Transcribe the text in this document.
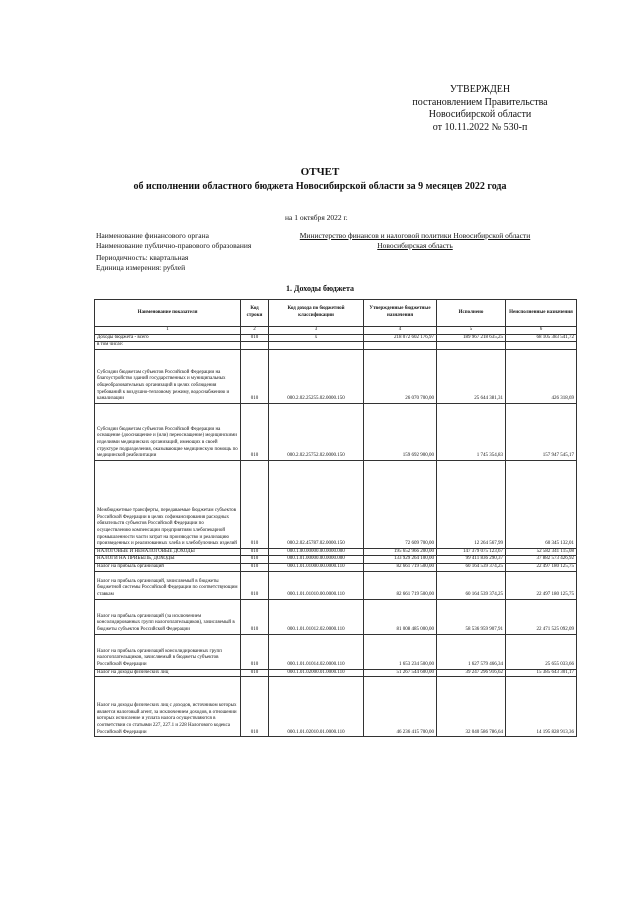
УТВЕРЖДЕН
постановлением Правительства
Новосибирской области
от 10.11.2022 № 530-п
ОТЧЕТ
об исполнении областного бюджета Новосибирской области за 9 месяцев 2022 года
на 1 октября 2022 г.
Наименование финансового органа	Министерство финансов и налоговой политики Новосибирской области
Наименование публично-правового образования	Новосибирская область
Периодичность: квартальная
Единица измерения: рублей
1. Доходы бюджета
Наименование показателя	Код строки	Код дохода по бюджетной классификации	Утвержденные бюджетные назначения	Исполнено	Неисполненные назначения
1	2	3	4	5	6
Доходы бюджета - всего	010	x	218 072 602 176,97	189 967 218 635,25	68 105 383 541,72
в том числе:					
Субсидии бюджетам субъектов Российской Федерации на благоустройство зданий государственных и муниципальных общеобразовательных организаций в целях соблюдения требований к воздушно-тепловому режиму, водоснабжению и канализации	010	000.2.02.25255.02.0000.150	26 070 700,00	25 644 381,31	426 318,69
Субсидии бюджетам субъектов Российской Федерации на оснащение (дооснащение и (или) переоснащение) медицинскими изделиями медицинских организаций, имеющих в своей структуре подразделения, оказывающие медицинскую помощь по медицинской реабилитации	010	000.2.02.25752.02.0000.150	159 692 900,00	1 745 354,83	157 947 545,17
Межбюджетные трансферты, передаваемые бюджетам субъектов Российской Федерации в целях софинансирования расходных обязательств субъектов Российской Федерации по осуществлению компенсации предприятиям хлебопекарной промышленности части затрат на производство и реализацию произведенных и реализованных хлеба и хлебобулочных изделий	010	000.2.02.45787.02.0000.150	72 609 700,00	12 264 567,99	60 345 132,01
НАЛОГОВЫЕ И НЕНАЛОГОВЫЕ ДОХОДЫ	010	000.1.00.00000.00.0000.000	195 652 966 200,00	147 379 075 123,67	52 582 341 115,08
НАЛОГИ НА ПРИБЫЛЬ, ДОХОДЫ	010	000.1.01.00000.00.0000.000	133 929 264 100,00	99 411 836 290,37	37 882 573 426,92
Налог на прибыль организаций	010	000.1.01.01000.00.0000.110	82 661 719 500,00	60 164 539 374,25	22 497 180 125,75
Налог на прибыль организаций, зачисляемый в бюджеты бюджетной системы Российской Федерации по соответствующим ставкам	010	000.1.01.01010.00.0000.110	82 661 719 500,00	60 164 539 374,25	22 497 180 125,75
Налог на прибыль организаций (за исключением консолидированных групп налогоплательщиков), зачисляемый в бюджеты субъектов Российской Федерации	010	000.1.01.01012.02.0000.110	81 008 485 000,00	58 536 959 907,91	22 471 525 092,09
Налог на прибыль организаций консолидированных групп налогоплательщиков, зачисляемый в бюджеты субъектов Российской Федерации	010	000.1.01.01014.02.0000.110	1 653 234 500,00	1 627 579 466,34	25 655 033,66
Налог на доходы физических лиц	010	000.1.01.02000.01.0000.110	51 267 544 600,00	39 247 296 916,62	15 385 643 301,17
Налог на доходы физических лиц с доходов, источником которых является налоговый агент, за исключением доходов, в отношении которых исчисление и уплата налога осуществляются в соответствии со статьями 227, 227.1 и 228 Налогового кодекса Российской Федерации	010	000.1.01.02010.01.0000.110	46 236 415 700,00	32 040 586 786,64	14 195 828 913,36
